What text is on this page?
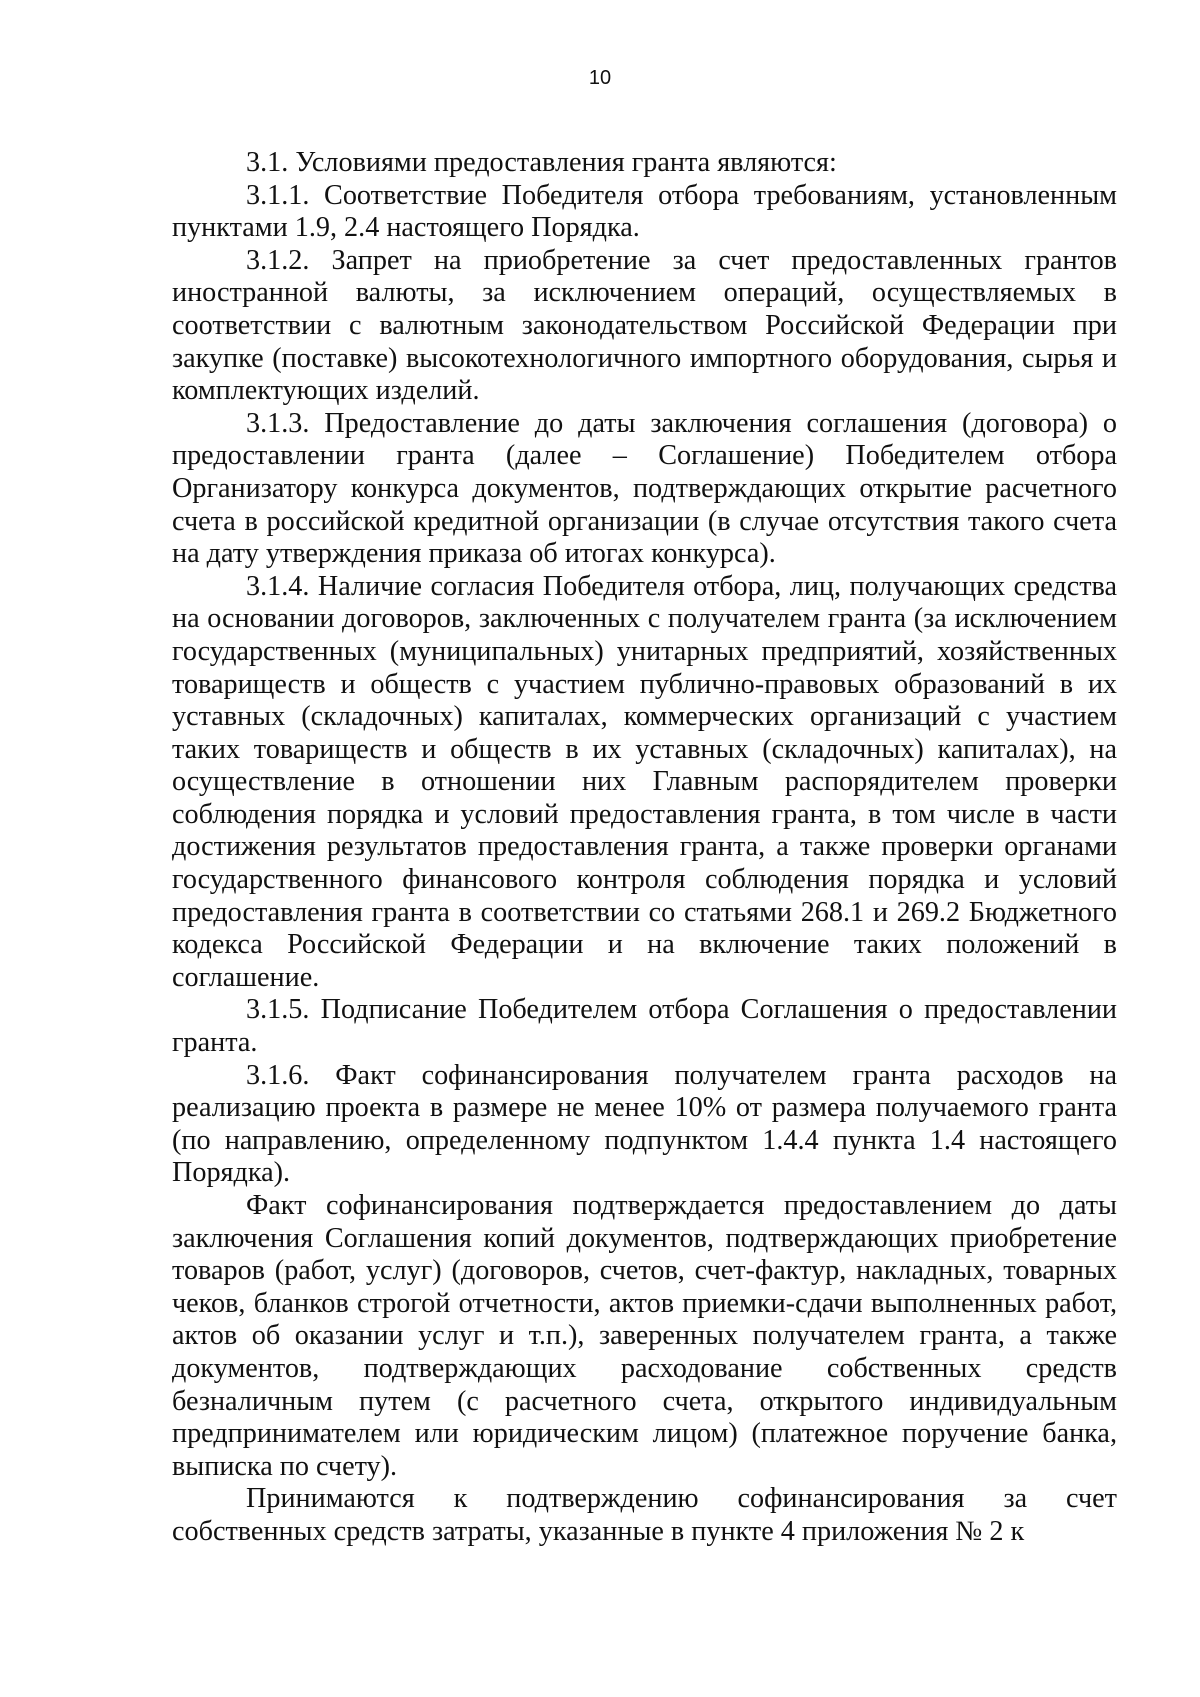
10

3.1. Условиями предоставления гранта являются:

3.1.1. Соответствие Победителя отбора требованиям, установленным пунктами 1.9, 2.4 настоящего Порядка.

3.1.2. Запрет на приобретение за счет предоставленных грантов иностранной валюты, за исключением операций, осуществляемых в соответствии с валютным законодательством Российской Федерации при закупке (поставке) высокотехнологичного импортного оборудования, сырья и комплектующих изделий.

3.1.3. Предоставление до даты заключения соглашения (договора) о предоставлении гранта (далее – Соглашение) Победителем отбора Организатору конкурса документов, подтверждающих открытие расчетного счета в российской кредитной организации (в случае отсутствия такого счета на дату утверждения приказа об итогах конкурса).

3.1.4. Наличие согласия Победителя отбора, лиц, получающих средства на основании договоров, заключенных с получателем гранта (за исключением государственных (муниципальных) унитарных предприятий, хозяйственных товариществ и обществ с участием публично-правовых образований в их уставных (складочных) капиталах, коммерческих организаций с участием таких товариществ и обществ в их уставных (складочных) капиталах), на осуществление в отношении них Главным распорядителем проверки соблюдения порядка и условий предоставления гранта, в том числе в части достижения результатов предоставления гранта, а также проверки органами государственного финансового контроля соблюдения порядка и условий предоставления гранта в соответствии со статьями 268.1 и 269.2 Бюджетного кодекса Российской Федерации и на включение таких положений в соглашение.

3.1.5. Подписание Победителем отбора Соглашения о предоставлении гранта.

3.1.6. Факт софинансирования получателем гранта расходов на реализацию проекта в размере не менее 10% от размера получаемого гранта (по направлению, определенному подпунктом 1.4.4 пункта 1.4 настоящего Порядка).

Факт софинансирования подтверждается предоставлением до даты заключения Соглашения копий документов, подтверждающих приобретение товаров (работ, услуг) (договоров, счетов, счет-фактур, накладных, товарных чеков, бланков строгой отчетности, актов приемки-сдачи выполненных работ, актов об оказании услуг и т.п.), заверенных получателем гранта, а также документов, подтверждающих расходование собственных средств безналичным путем (с расчетного счета, открытого индивидуальным предпринимателем или юридическим лицом) (платежное поручение банка, выписка по счету).

Принимаются к подтверждению софинансирования за счет собственных средств затраты, указанные в пункте 4 приложения № 2 к
